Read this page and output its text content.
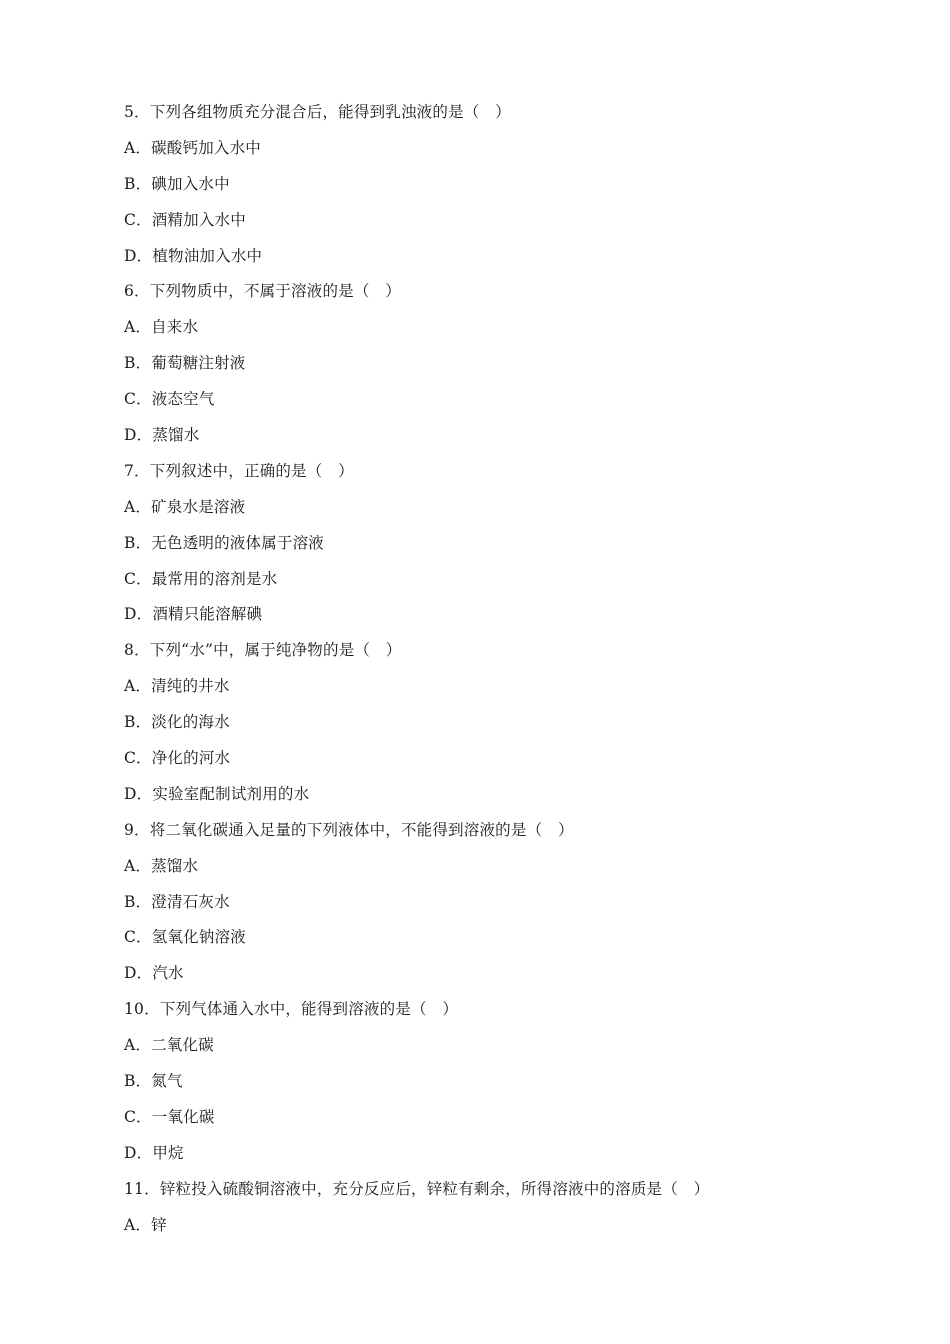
5．下列各组物质充分混合后，能得到乳浊液的是（　）
A．碳酸钙加入水中
B．碘加入水中
C．酒精加入水中
D．植物油加入水中
6．下列物质中，不属于溶液的是（　）
A．自来水
B．葡萄糖注射液
C．液态空气
D．蒸馏水
7．下列叙述中，正确的是（　）
A．矿泉水是溶液
B．无色透明的液体属于溶液
C．最常用的溶剂是水
D．酒精只能溶解碘
8．下列“水”中，属于纯净物的是（　）
A．清纯的井水
B．淡化的海水
C．净化的河水
D．实验室配制试剂用的水
9．将二氧化碳通入足量的下列液体中，不能得到溶液的是（　）
A．蒸馏水
B．澄清石灰水
C．氢氧化钠溶液
D．汽水
10．下列气体通入水中，能得到溶液的是（　）
A．二氧化碳
B．氮气
C．一氧化碳
D．甲烷
11．锌粒投入硫酸铜溶液中，充分反应后，锌粒有剩余，所得溶液中的溶质是（　）
A．锌
